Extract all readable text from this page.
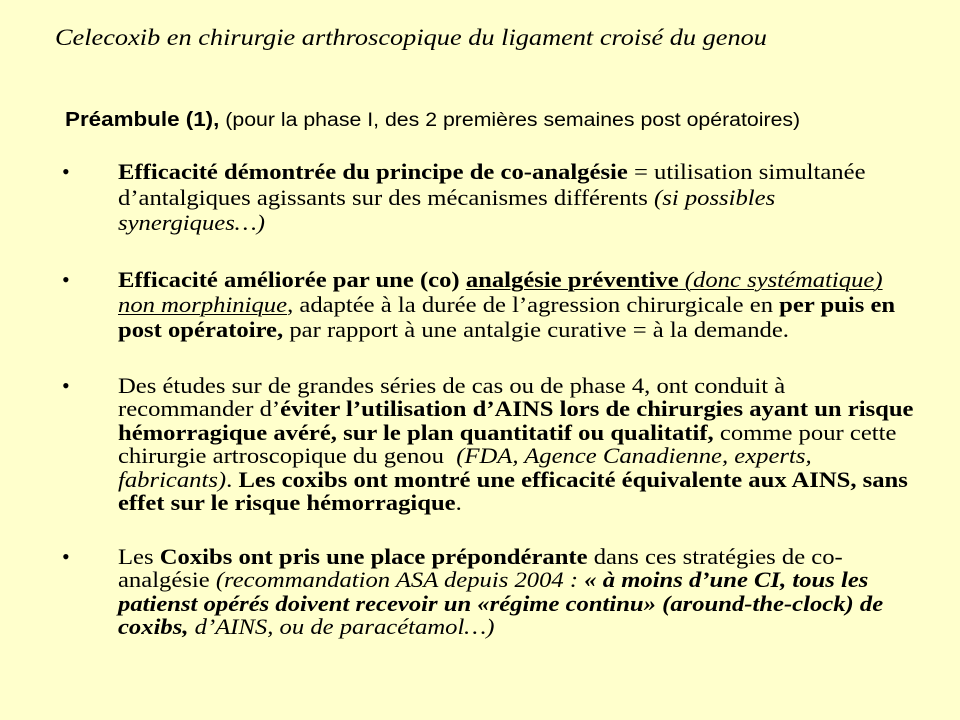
Celecoxib en chirurgie arthroscopique du ligament croisé du genou
Préambule (1), (pour la phase I, des 2 premières semaines post opératoires)
• Efficacité démontrée du principe de co-analgésie = utilisation simultanée
d’antalgiques agissants sur des mécanismes différents (si possibles
synergiques…)
• Efficacité améliorée par une (co) analgésie préventive (donc systématique)
non morphinique, adaptée à la durée de l’agression chirurgicale en per puis en
post opératoire, par rapport à une antalgie curative = à la demande.
• Des études sur de grandes séries de cas ou de phase 4, ont conduit à
recommander d’éviter l’utilisation d’AINS lors de chirurgies ayant un risque
hémorragique avéré, sur le plan quantitatif ou qualitatif, comme pour cette
chirurgie artroscopique du genou  (FDA, Agence Canadienne, experts,
fabricants). Les coxibs ont montré une efficacité équivalente aux AINS, sans
effet sur le risque hémorragique.
• Les Coxibs ont pris une place prépondérante dans ces stratégies de co-
analgésie (recommandation ASA depuis 2004 : « à moins d’une CI, tous les
patienst opérés doivent recevoir un «régime continu» (around-the-clock) de
coxibs, d’AINS, ou de paracétamol…)
